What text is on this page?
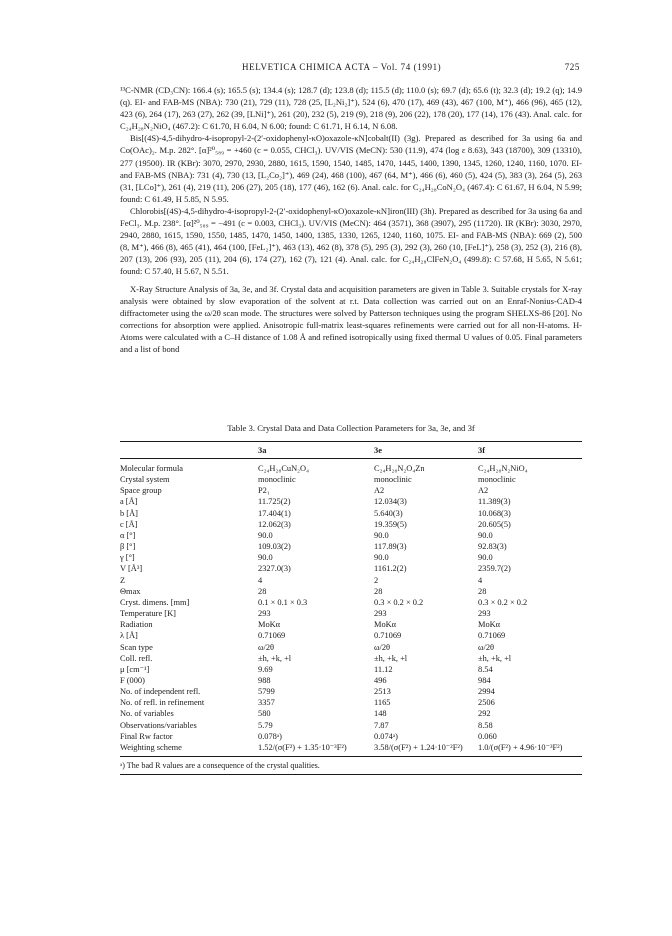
HELVETICA CHIMICA ACTA – Vol. 74 (1991)	725

¹³C-NMR (CD₃CN): 166.4 (s); 165.5 (s); 134.4 (s); 128.7 (d); 123.8 (d); 115.5 (d); 110.0 (s); 69.7 (d); 65.6 (t); 32.3 (d); 19.2 (q); 14.9 (q). EI- and FAB-MS (NBA): 730 (21), 729 (11), 728 (25, [L₂Ni₂]⁺), 524 (6), 470 (17), 469 (43), 467 (100, M⁺), 466 (96), 465 (12), 423 (6), 264 (17), 263 (27), 262 (39, [LNi]⁺), 261 (20), 232 (5), 219 (9), 218 (9), 206 (22), 178 (20), 177 (14), 176 (43). Anal. calc. for C₂₄H₂₈N₂NiO₄ (467.2): C 61.70, H 6.04, N 6.00; found: C 61.71, H 6.14, N 6.08.

Bis[(4S)-4,5-dihydro-4-isopropyl-2-(2′-oxidophenyl-κO)oxazole-κN]cobalt(II) (3g). Prepared as described for 3a using 6a and Co(OAc)₂. M.p. 282°. [α]²⁰₅₈₉ = +460 (c = 0.055, CHCl₃). UV/VIS (MeCN): 530 (11.9), 474 (log ε 8.63), 343 (18700), 309 (13310), 277 (19500). IR (KBr): 3070, 2970, 2930, 2880, 1615, 1590, 1540, 1485, 1470, 1445, 1400, 1390, 1345, 1260, 1240, 1160, 1070. EI- and FAB-MS (NBA): 731 (4), 730 (13, [L₂Co₂]⁺), 469 (24), 468 (100), 467 (64, M⁺), 466 (6), 460 (5), 424 (5), 383 (3), 264 (5), 263 (31, [LCo]⁺), 261 (4), 219 (11), 206 (27), 205 (18), 177 (46), 162 (6). Anal. calc. for C₂₄H₂₈CoN₂O₄ (467.4): C 61.67, H 6.04, N 5.99; found: C 61.49, H 5.85, N 5.95.

Chlorobis[(4S)-4,5-dihydro-4-isopropyl-2-(2′-oxidophenyl-κO)oxazole-κN]iron(III) (3h). Prepared as described for 3a using 6a and FeCl₃. M.p. 238°. [α]²⁰₅₈₉ = −491 (c = 0.003, CHCl₃). UV/VIS (MeCN): 464 (3571), 368 (3907), 295 (11720). IR (KBr): 3030, 2970, 2940, 2880, 1615, 1590, 1550, 1485, 1470, 1450, 1400, 1385, 1330, 1265, 1240, 1160, 1075. EI- and FAB-MS (NBA): 669 (2), 500 (8, M⁺), 466 (8), 465 (41), 464 (100, [FeL₂]⁺), 463 (13), 462 (8), 378 (5), 295 (3), 292 (3), 260 (10, [FeL]⁺), 258 (3), 252 (3), 216 (8), 207 (13), 206 (93), 205 (11), 204 (6), 174 (27), 162 (7), 121 (4). Anal. calc. for C₂₄H₂₈ClFeN₂O₄ (499.8): C 57.68, H 5.65, N 5.61; found: C 57.40, H 5.67, N 5.51.

X-Ray Structure Analysis of 3a, 3e, and 3f. Crystal data and acquisition parameters are given in Table 3. Suitable crystals for X-ray analysis were obtained by slow evaporation of the solvent at r.t. Data collection was carried out on an Enraf-Nonius-CAD-4 diffractometer using the ω/2θ scan mode. The structures were solved by Patterson techniques using the program SHELXS-86 [20]. No corrections for absorption were applied. Anisotropic full-matrix least-squares refinements were carried out for all non-H-atoms. H-Atoms were calculated with a C–H distance of 1.08 Å and refined isotropically using fixed thermal U values of 0.05. Final parameters and a list of bond

Table 3. Crystal Data and Data Collection Parameters for 3a, 3e, and 3f
	3a	3e	3f
Molecular formula	C₂₄H₂₈CuN₂O₄	C₂₄H₂₈N₂O₄Zn	C₂₄H₂₈N₂NiO₄
Crystal system	monoclinic	monoclinic	monoclinic
Space group	P2₁	A2	A2
a [Å]	11.725(2)	12.034(3)	11.389(3)
b [Å]	17.404(1)	5.640(3)	10.068(3)
c [Å]	12.062(3)	19.359(5)	20.605(5)
α [°]	90.0	90.0	90.0
β [°]	109.03(2)	117.89(3)	92.83(3)
γ [°]	90.0	90.0	90.0
V [Å³]	2327.0(3)	1161.2(2)	2359.7(2)
Z	4	2	4
Θmax	28	28	28
Cryst. dimens. [mm]	0.1 × 0.1 × 0.3	0.3 × 0.2 × 0.2	0.3 × 0.2 × 0.2
Temperature [K]	293	293	293
Radiation	MoKα	MoKα	MoKα
λ [Å]	0.71069	0.71069	0.71069
Scan type	ω/2θ	ω/2θ	ω/2θ
Coll. refl.	±h, +k, +l	±h, +k, +l	±h, +k, +l
μ [cm⁻¹]	9.69	11.12	8.54
F (000)	988	496	984
No. of independent refl.	5799	2513	2994
No. of refl. in refinement	3357	1165	2506
No. of variables	580	148	292
Observations/variables	5.79	7.87	8.58
Final Rw factor	0.078ᵃ)	0.074ᵃ)	0.060
Weighting scheme	1.52/(σ(F²) + 1.35·10⁻³F²)	3.58/(σ(F²) + 1.24·10⁻²F²)	1.0/(σ(F²) + 4.96·10⁻³F²)
ᵃ) The bad R values are a consequence of the crystal qualities.
